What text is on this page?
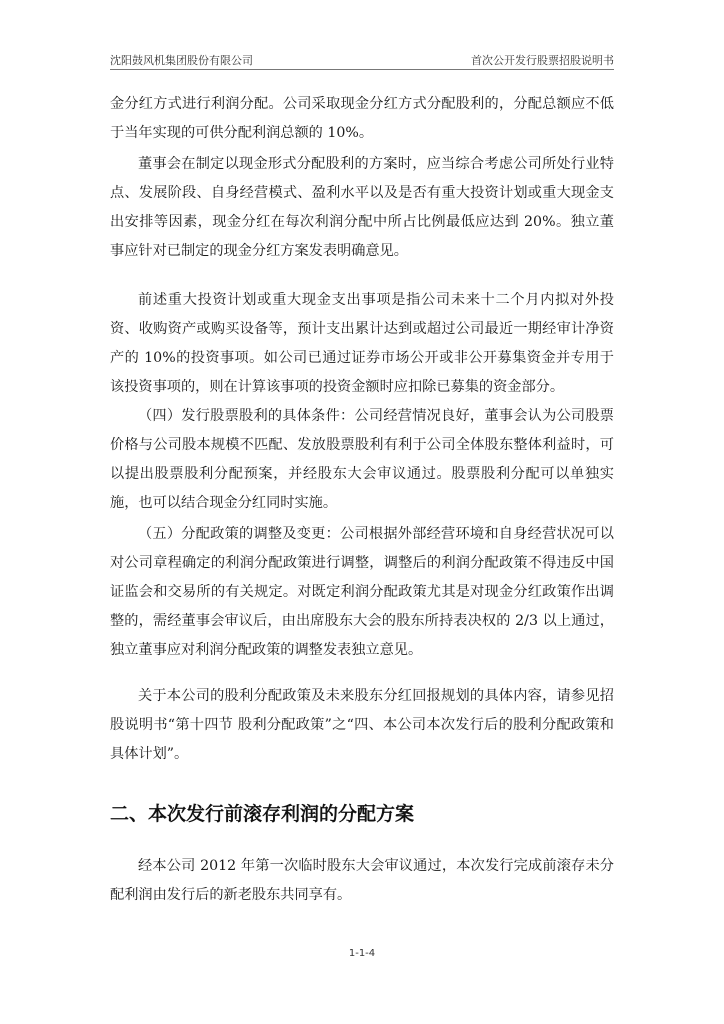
沈阳鼓风机集团股份有限公司	首次公开发行股票招股说明书

金分红方式进行利润分配。公司采取现金分红方式分配股利的，分配总额应不低于当年实现的可供分配利润总额的 10%。

董事会在制定以现金形式分配股利的方案时，应当综合考虑公司所处行业特点、发展阶段、自身经营模式、盈利水平以及是否有重大投资计划或重大现金支出安排等因素，现金分红在每次利润分配中所占比例最低应达到 20%。独立董事应针对已制定的现金分红方案发表明确意见。

前述重大投资计划或重大现金支出事项是指公司未来十二个月内拟对外投资、收购资产或购买设备等，预计支出累计达到或超过公司最近一期经审计净资产的 10%的投资事项。如公司已通过证券市场公开或非公开募集资金并专用于该投资事项的，则在计算该事项的投资金额时应扣除已募集的资金部分。

（四）发行股票股利的具体条件：公司经营情况良好，董事会认为公司股票价格与公司股本规模不匹配、发放股票股利有利于公司全体股东整体利益时，可以提出股票股利分配预案，并经股东大会审议通过。股票股利分配可以单独实施，也可以结合现金分红同时实施。

（五）分配政策的调整及变更：公司根据外部经营环境和自身经营状况可以对公司章程确定的利润分配政策进行调整，调整后的利润分配政策不得违反中国证监会和交易所的有关规定。对既定利润分配政策尤其是对现金分红政策作出调整的，需经董事会审议后，由出席股东大会的股东所持表决权的 2/3 以上通过，独立董事应对利润分配政策的调整发表独立意见。

关于本公司的股利分配政策及未来股东分红回报规划的具体内容，请参见招股说明书“第十四节 股利分配政策”之“四、本公司本次发行后的股利分配政策和具体计划”。

二、本次发行前滚存利润的分配方案

经本公司 2012 年第一次临时股东大会审议通过，本次发行完成前滚存未分配利润由发行后的新老股东共同享有。

1-1-4
